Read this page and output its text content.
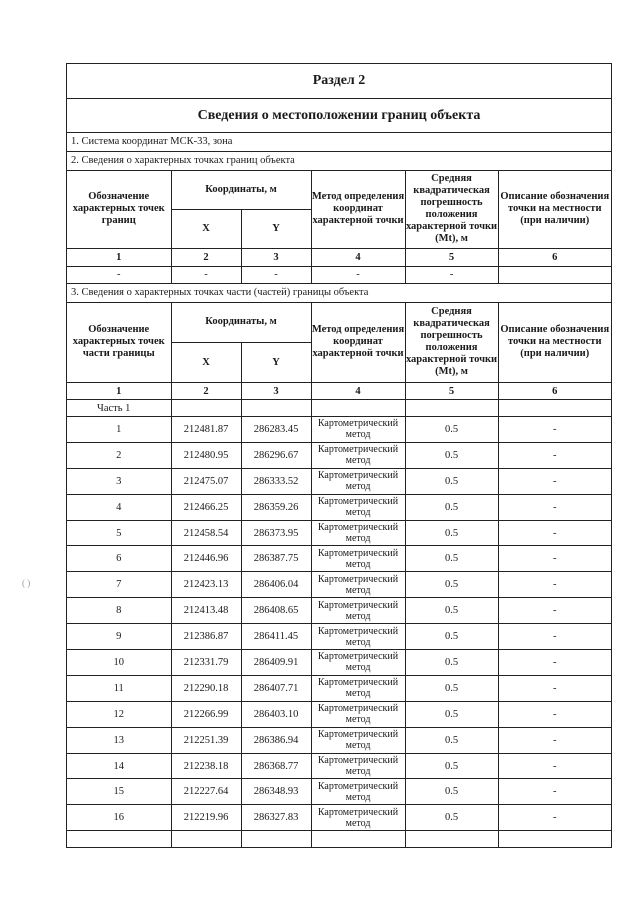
Раздел 2
Сведения о местоположении границ объекта
1. Система координат МСК-33, зона
2. Сведения о характерных точках границ объекта
Обозначение характерных точек границ	Координаты, м		Метод определения координат характерной точки	Средняя квадратическая погрешность положения характерной точки (Mt), м	Описание обозначения точки на местности (при наличии)
	X	Y			
1	2	3	4	5	6
-	-	-	-	-	
3. Сведения о характерных точках части (частей) границы объекта
Обозначение характерных точек части границы	Координаты, м		Метод определения координат характерной точки	Средняя квадратическая погрешность положения характерной точки (Mt), м	Описание обозначения точки на местности (при наличии)
	X	Y			
1	2	3	4	5	6
Часть 1					
1	212481.87	286283.45	Картометрический метод	0.5	-
2	212480.95	286296.67	Картометрический метод	0.5	-
3	212475.07	286333.52	Картометрический метод	0.5	-
4	212466.25	286359.26	Картометрический метод	0.5	-
5	212458.54	286373.95	Картометрический метод	0.5	-
6	212446.96	286387.75	Картометрический метод	0.5	-
7	212423.13	286406.04	Картометрический метод	0.5	-
8	212413.48	286408.65	Картометрический метод	0.5	-
9	212386.87	286411.45	Картометрический метод	0.5	-
10	212331.79	286409.91	Картометрический метод	0.5	-
11	212290.18	286407.71	Картометрический метод	0.5	-
12	212266.99	286403.10	Картометрический метод	0.5	-
13	212251.39	286386.94	Картометрический метод	0.5	-
14	212238.18	286368.77	Картометрический метод	0.5	-
15	212227.64	286348.93	Картометрический метод	0.5	-
16	212219.96	286327.83	Картометрический метод	0.5	-

( )
